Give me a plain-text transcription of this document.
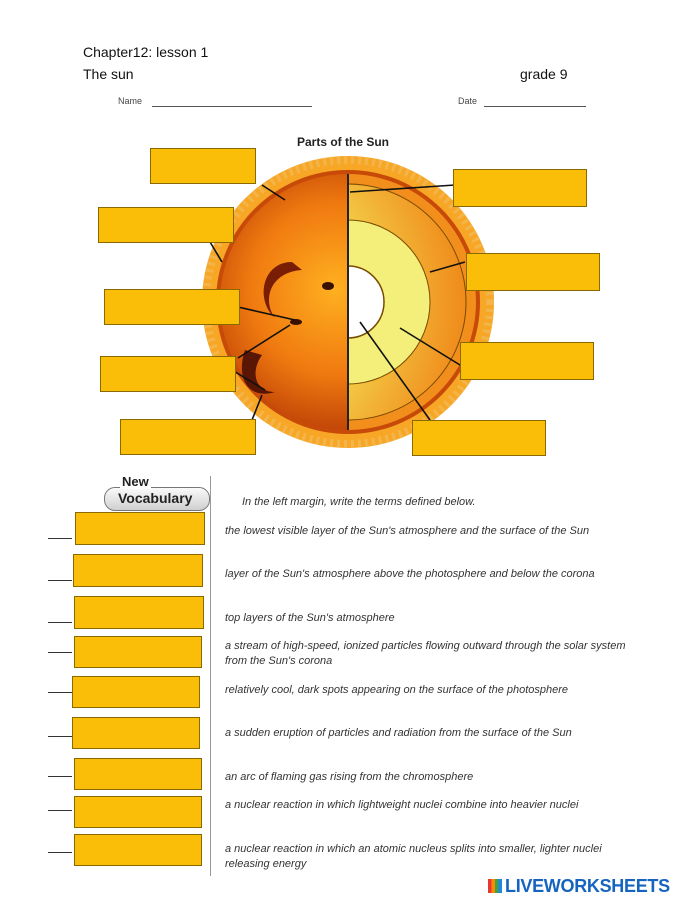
Chapter12: lesson 1
The sun	grade 9
Name	Date
Parts of the Sun
New
Vocabulary	In the left margin, write the terms defined below.
the lowest visible layer of the Sun's atmosphere and the surface of the Sun
layer of the Sun's atmosphere above the photosphere and below the corona
top layers of the Sun's atmosphere
a stream of high-speed, ionized particles flowing outward through the solar system from the Sun's corona
relatively cool, dark spots appearing on the surface of the photosphere
a sudden eruption of particles and radiation from the surface of the Sun
an arc of flaming gas rising from the chromosphere
a nuclear reaction in which lightweight nuclei combine into heavier nuclei
a nuclear reaction in which an atomic nucleus splits into smaller, lighter nuclei releasing energy
LIVEWORKSHEETS
